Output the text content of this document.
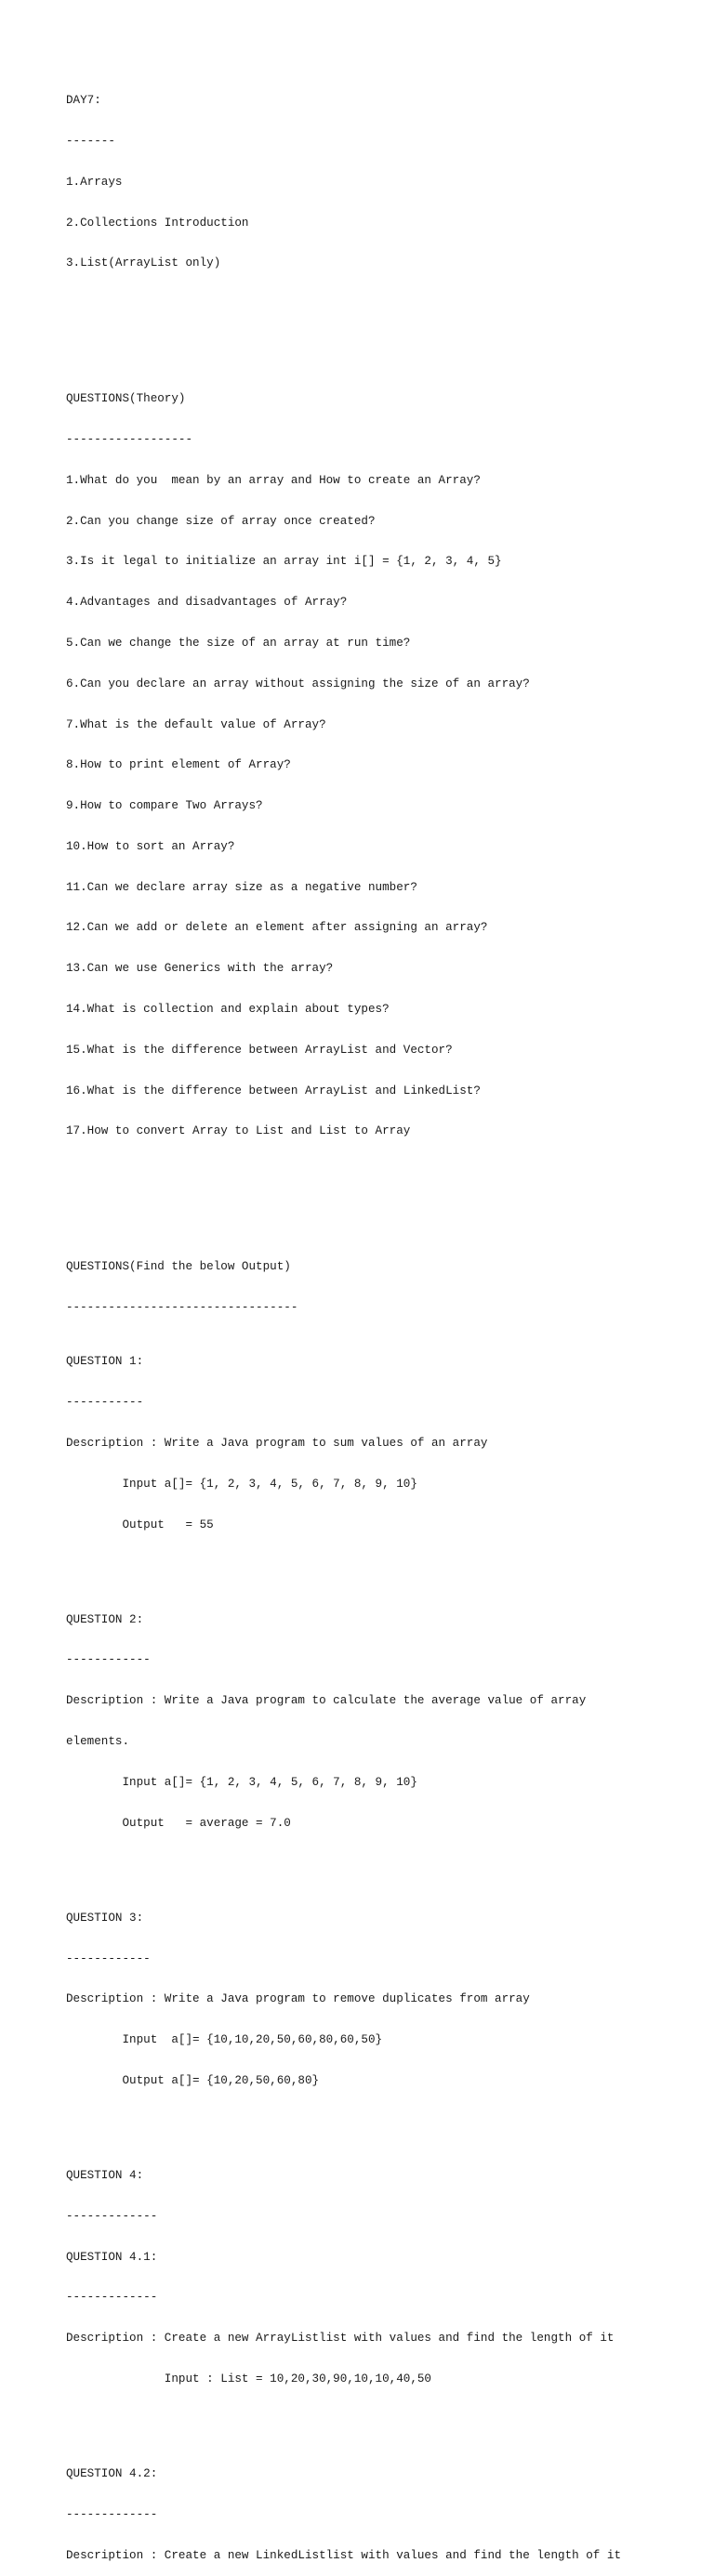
DAY7:

-------

1.Arrays

2.Collections Introduction

3.List(ArrayList only)

QUESTIONS(Theory)

------------------

1.What do you  mean by an array and How to create an Array?

2.Can you change size of array once created?

3.Is it legal to initialize an array int i[] = {1, 2, 3, 4, 5}

4.Advantages and disadvantages of Array?

5.Can we change the size of an array at run time?

6.Can you declare an array without assigning the size of an array?

7.What is the default value of Array?

8.How to print element of Array?

9.How to compare Two Arrays?

10.How to sort an Array?

11.Can we declare array size as a negative number?

12.Can we add or delete an element after assigning an array?

13.Can we use Generics with the array?

14.What is collection and explain about types?

15.What is the difference between ArrayList and Vector?

16.What is the difference between ArrayList and LinkedList?

17.How to convert Array to List and List to Array

QUESTIONS(Find the below Output)

---------------------------------

QUESTION 1:

-----------

Description : Write a Java program to sum values of an array

Input a[]= {1, 2, 3, 4, 5, 6, 7, 8, 9, 10}

Output   = 55

QUESTION 2:

------------

Description : Write a Java program to calculate the average value of array

elements.

Input a[]= {1, 2, 3, 4, 5, 6, 7, 8, 9, 10}

Output   = average = 7.0

QUESTION 3:

------------

Description : Write a Java program to remove duplicates from array

Input  a[]= {10,10,20,50,60,80,60,50}

Output a[]= {10,20,50,60,80}

QUESTION 4:

-------------

QUESTION 4.1:

-------------

Description : Create a new ArrayListlist with values and find the length of it

Input : List = 10,20,30,90,10,10,40,50

QUESTION 4.2:

-------------

Description : Create a new LinkedListlist with values and find the length of it
